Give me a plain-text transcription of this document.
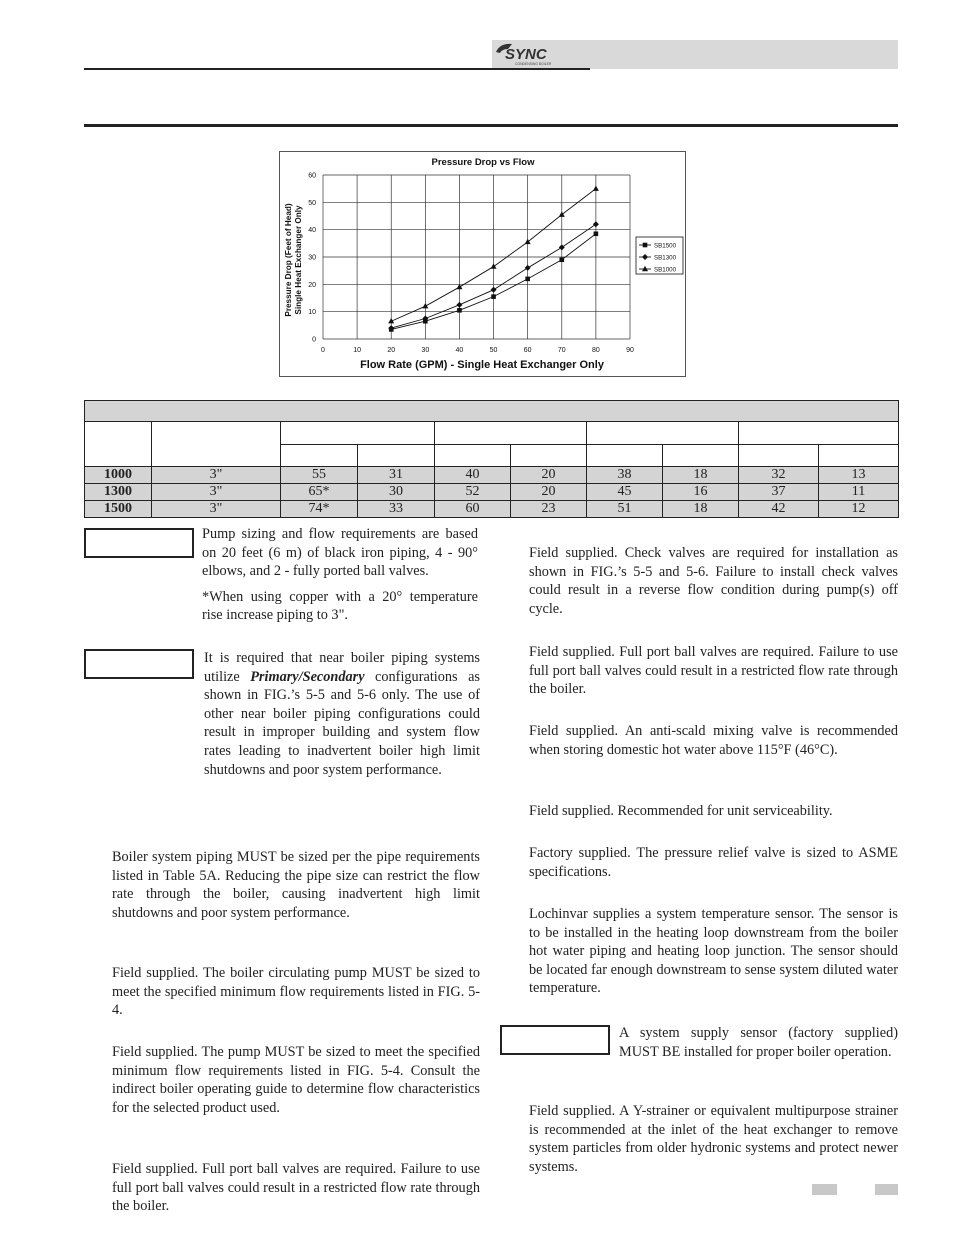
SYNC
CONDENSING BOILER
Pressure Drop vs Flow
0	10	20	30	40	50	60	70	80	90
0
10
20
30
40
50
60
Flow Rate (GPM) - Single Heat Exchanger Only
Pressure Drop (Feet of Head) Single Heat Exchanger Only	SB1500
SB1300
SB1000

1000	3"	55	31	40	20	38	18	32	13
1300	3"	65*	30	52	20	45	16	37	11
1500	3"	74*	33	60	23	51	18	42	12
Pump sizing and flow requirements are based on 20 feet (6 m) of black iron piping, 4 - 90° elbows, and 2 - fully ported ball valves.
*When using copper with a 20° temperature rise increase piping to 3".
It is required that near boiler piping systems utilize Primary/Secondary configurations as shown in FIG.’s 5-5 and 5-6 only. The use of other near boiler piping configurations could result in improper building and system flow rates leading to inadvertent boiler high limit shutdowns and poor system performance.
Boiler system piping MUST be sized per the pipe requirements listed in Table 5A. Reducing the pipe size can restrict the flow rate through the boiler, causing inadvertent high limit shutdowns and poor system performance.
Field supplied. The boiler circulating pump MUST be sized to meet the specified minimum flow requirements listed in FIG. 5-4.
Field supplied. The pump MUST be sized to meet the specified minimum flow requirements listed in FIG. 5-4. Consult the indirect boiler operating guide to determine flow characteristics for the selected product used.
Field supplied. Full port ball valves are required. Failure to use full port ball valves could result in a restricted flow rate through the boiler.
Field supplied. Check valves are required for installation as shown in FIG.’s 5-5 and 5-6. Failure to install check valves could result in a reverse flow condition during pump(s) off cycle.
Field supplied. Full port ball valves are required. Failure to use full port ball valves could result in a restricted flow rate through the boiler.
Field supplied. An anti-scald mixing valve is recommended when storing domestic hot water above 115°F (46°C).
Field supplied. Recommended for unit serviceability.
Factory supplied. The pressure relief valve is sized to ASME specifications.
Lochinvar supplies a system temperature sensor. The sensor is to be installed in the heating loop downstream from the boiler hot water piping and heating loop junction. The sensor should be located far enough downstream to sense system diluted water temperature.
A system supply sensor (factory supplied) MUST BE installed for proper boiler operation.
Field supplied. A Y-strainer or equivalent multipurpose strainer is recommended at the inlet of the heat exchanger to remove system particles from older hydronic systems and protect newer systems.
